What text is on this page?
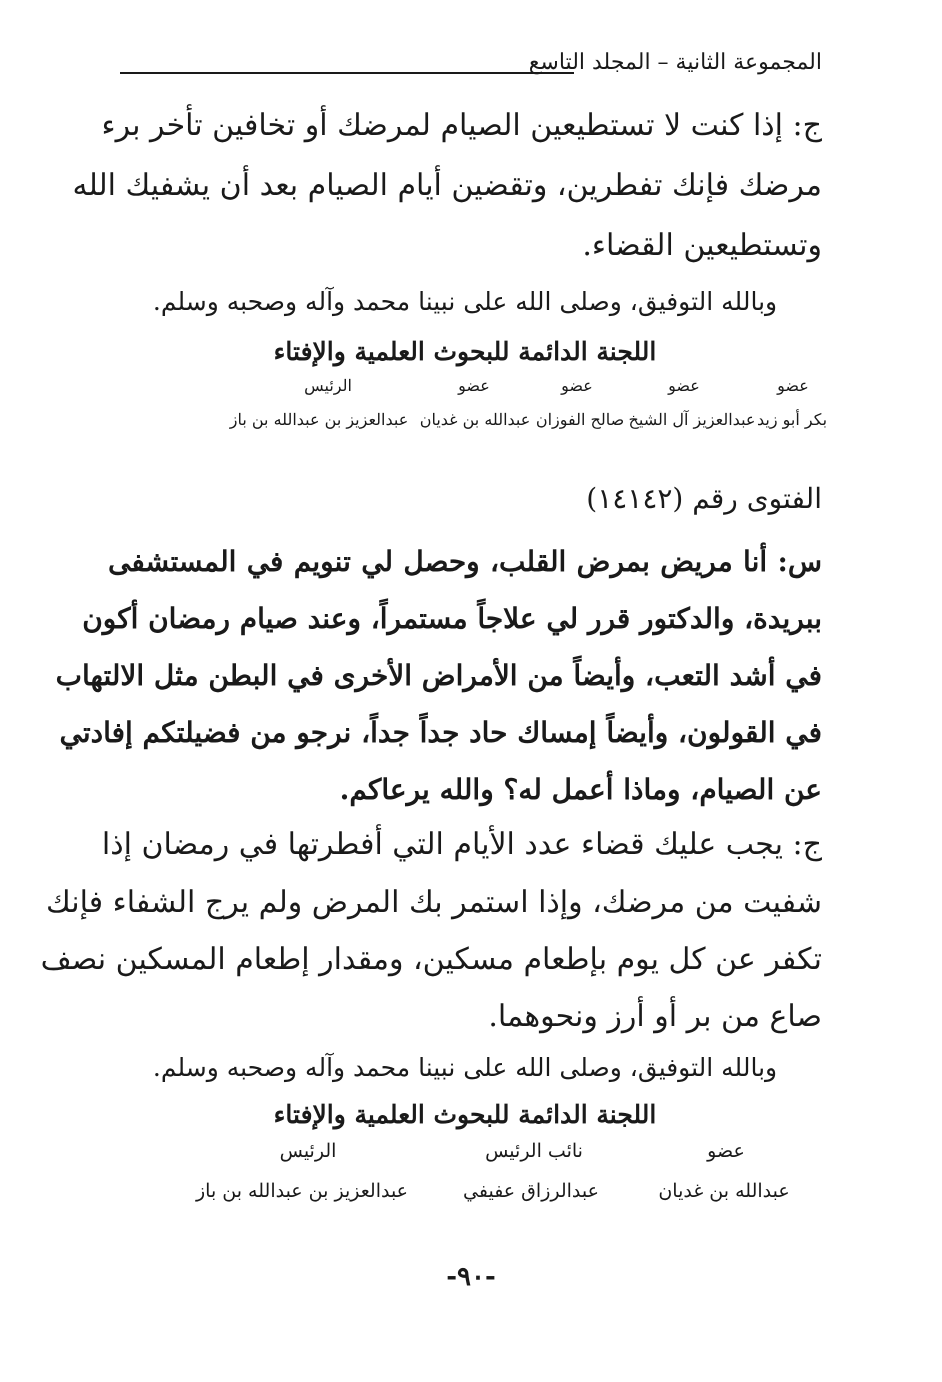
المجموعة الثانية – المجلد التاسع
ج: إذا كنت لا تستطيعين الصيام لمرضك أو تخافين تأخر برء
مرضك فإنك تفطرين، وتقضين أيام الصيام بعد أن يشفيك الله
وتستطيعين القضاء.
وبالله التوفيق، وصلى الله على نبينا محمد وآله وصحبه وسلم.
اللجنة الدائمة للبحوث العلمية والإفتاء
عضو
عضو
عضو
عضو
الرئيس
بكر أبو زيد
عبدالعزيز آل الشيخ
صالح الفوزان
عبدالله بن غديان
عبدالعزيز بن عبدالله بن باز
الفتوى رقم (١٤١٤٢)
س: أنا مريض بمرض القلب، وحصل لي تنويم في المستشفى
ببريدة، والدكتور قرر لي علاجاً مستمراً، وعند صيام رمضان أكون
في أشد التعب، وأيضاً من الأمراض الأخرى في البطن مثل الالتهاب
في القولون، وأيضاً إمساك حاد جداً جداً، نرجو من فضيلتكم إفادتي
عن الصيام، وماذا أعمل له؟ والله يرعاكم.
ج: يجب عليك قضاء عدد الأيام التي أفطرتها في رمضان إذا
شفيت من مرضك، وإذا استمر بك المرض ولم يرج الشفاء فإنك
تكفر عن كل يوم بإطعام مسكين، ومقدار إطعام المسكين نصف
صاع من بر أو أرز ونحوهما.
وبالله التوفيق، وصلى الله على نبينا محمد وآله وصحبه وسلم.
اللجنة الدائمة للبحوث العلمية والإفتاء
عضو
نائب الرئيس
الرئيس
عبدالله بن غديان
عبدالرزاق عفيفي
عبدالعزيز بن عبدالله بن باز
-٩٠-
